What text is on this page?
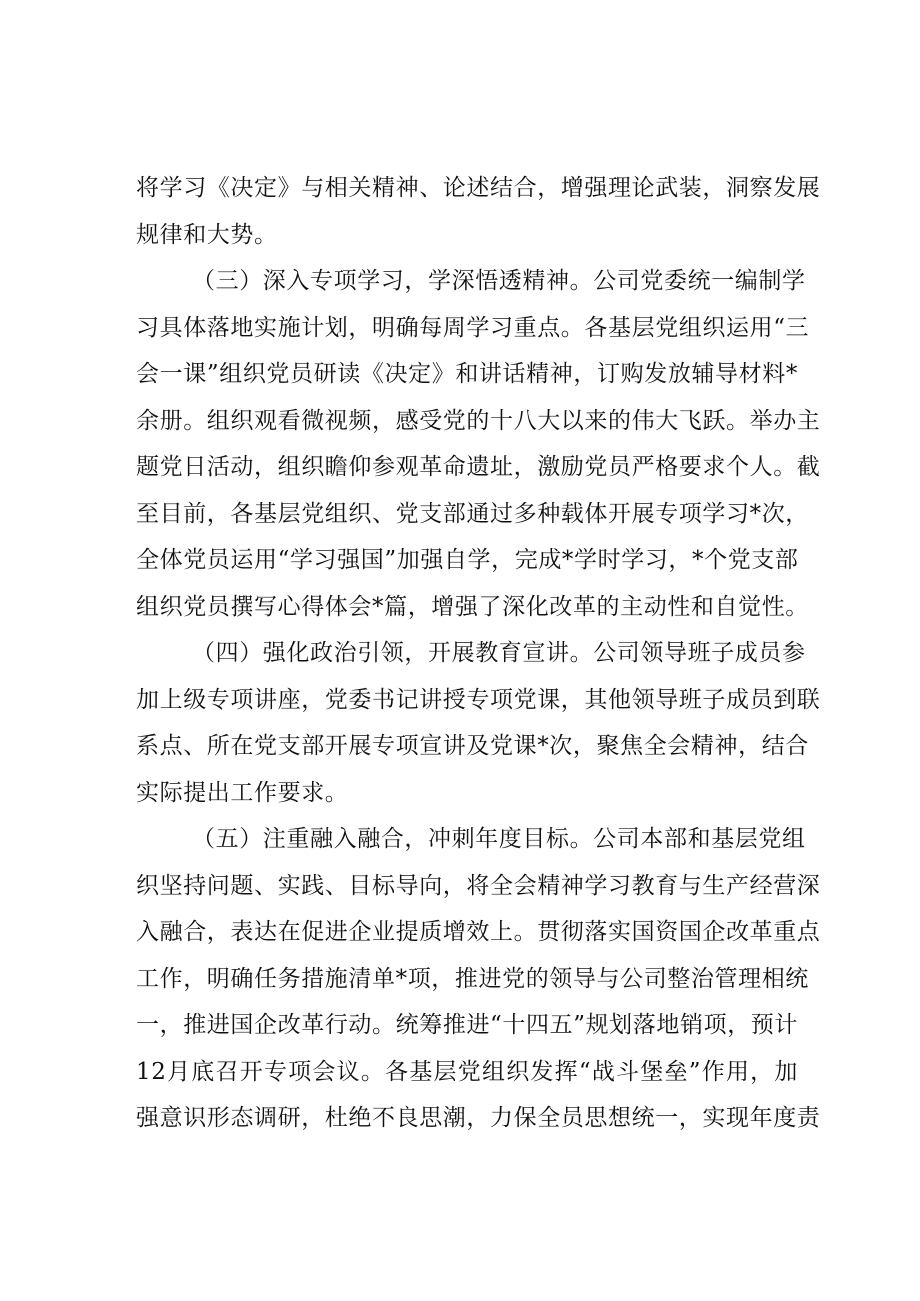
将学习《决定》与相关精神、论述结合，增强理论武装，洞察发展
规律和大势。
（三）深入专项学习，学深悟透精神。公司党委统一编制学
习具体落地实施计划，明确每周学习重点。各基层党组织运用“三
会一课”组织党员研读《决定》和讲话精神，订购发放辅导材料*
余册。组织观看微视频，感受党的十八大以来的伟大飞跃。举办主
题党日活动，组织瞻仰参观革命遗址，激励党员严格要求个人。截
至目前，各基层党组织、党支部通过多种载体开展专项学习*次，
全体党员运用“学习强国”加强自学，完成*学时学习，*个党支部
组织党员撰写心得体会*篇，增强了深化改革的主动性和自觉性。
（四）强化政治引领，开展教育宣讲。公司领导班子成员参
加上级专项讲座，党委书记讲授专项党课，其他领导班子成员到联
系点、所在党支部开展专项宣讲及党课*次，聚焦全会精神，结合
实际提出工作要求。
（五）注重融入融合，冲刺年度目标。公司本部和基层党组
织坚持问题、实践、目标导向，将全会精神学习教育与生产经营深
入融合，表达在促进企业提质增效上。贯彻落实国资国企改革重点
工作，明确任务措施清单*项，推进党的领导与公司整治管理相统
一，推进国企改革行动。统筹推进“十四五”规划落地销项，预计
12月底召开专项会议。各基层党组织发挥“战斗堡垒”作用，加
强意识形态调研，杜绝不良思潮，力保全员思想统一，实现年度责
